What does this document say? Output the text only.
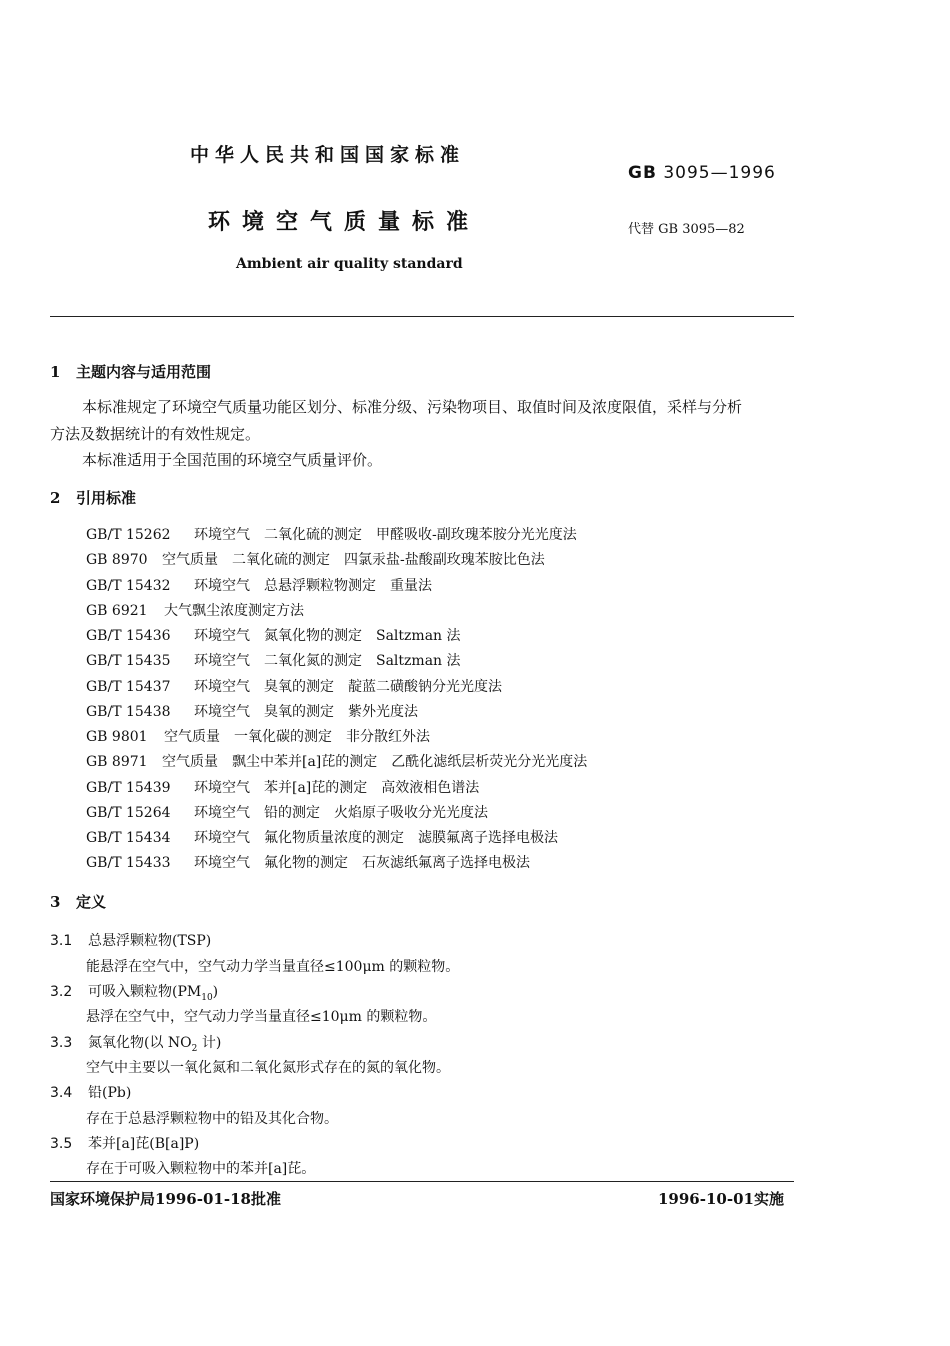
中华人民共和国国家标准
GB 3095—1996
环境空气质量标准	代替 GB 3095—82
Ambient air quality standard
1 主题内容与适用范围
本标准规定了环境空气质量功能区划分、标准分级、污染物项目、取值时间及浓度限值，采样与分析
方法及数据统计的有效性规定。
本标准适用于全国范围的环境空气质量评价。
2 引用标准
GB/T 15262 环境空气　二氧化硫的测定　甲醛吸收-副玫瑰苯胺分光光度法
GB 8970 空气质量　二氧化硫的测定　四氯汞盐-盐酸副玫瑰苯胺比色法
GB/T 15432 环境空气　总悬浮颗粒物测定　重量法
GB 6921 大气飘尘浓度测定方法
GB/T 15436 环境空气　氮氧化物的测定　Saltzman 法
GB/T 15435 环境空气　二氧化氮的测定　Saltzman 法
GB/T 15437 环境空气　臭氧的测定　靛蓝二磺酸钠分光光度法
GB/T 15438 环境空气　臭氧的测定　紫外光度法
GB 9801 空气质量　一氧化碳的测定　非分散红外法
GB 8971 空气质量　飘尘中苯并[a]芘的测定　乙酰化滤纸层析荧光分光光度法
GB/T 15439 环境空气　苯并[a]芘的测定　高效液相色谱法
GB/T 15264 环境空气　铅的测定　火焰原子吸收分光光度法
GB/T 15434 环境空气　氟化物质量浓度的测定　滤膜氟离子选择电极法
GB/T 15433 环境空气　氟化物的测定　石灰滤纸氟离子选择电极法
3 定义
3.1 总悬浮颗粒物(TSP)
能悬浮在空气中，空气动力学当量直径≤100μm 的颗粒物。
3.2 可吸入颗粒物$(PM_{10})$
悬浮在空气中，空气动力学当量直径≤10μm 的颗粒物。
3.3 氮氧化物(以 $NO_2$ 计)
空气中主要以一氧化氮和二氧化氮形式存在的氮的氧化物。
3.4 铅(Pb)
存在于总悬浮颗粒物中的铅及其化合物。
3.5 苯并[a]芘(B[a]P)
存在于可吸入颗粒物中的苯并[a]芘。
国家环境保护局1996-01-18批准	1996-10-01实施
